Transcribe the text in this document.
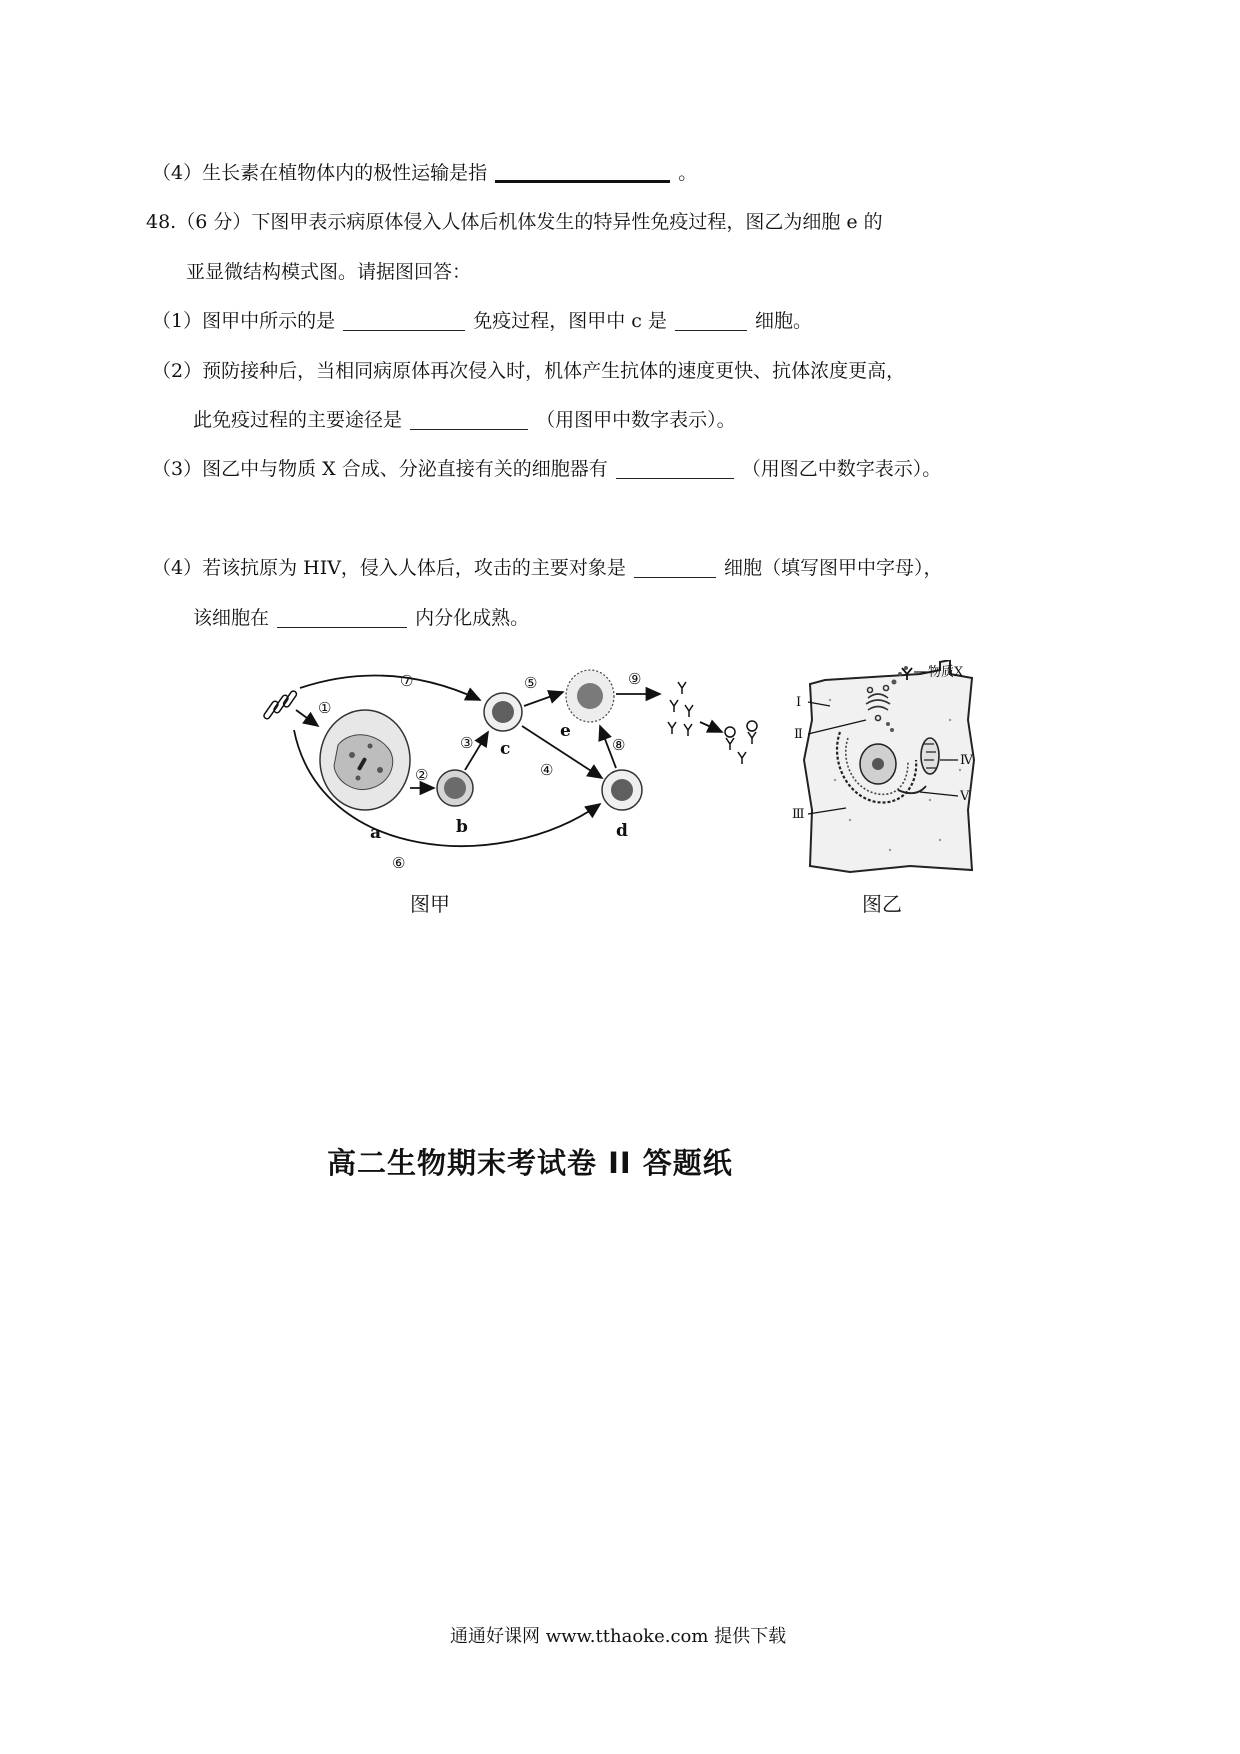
（4）生长素在植物体内的极性运输是指	。
48.（6 分）下图甲表示病原体侵入人体后机体发生的特异性免疫过程，图乙为细胞 e 的
亚显微结构模式图。请据图回答：
（1）图甲中所示的是	免疫过程，图甲中 c 是	细胞。
（2）预防接种后，当相同病原体再次侵入时，机体产生抗体的速度更快、抗体浓度更高，
此免疫过程的主要途径是	（用图甲中数字表示）。
（3）图乙中与物质 X 合成、分泌直接有关的细胞器有	（用图乙中数字表示）。
（4）若该抗原为 HIV，侵入人体后，攻击的主要对象是	细胞（填写图甲中字母），
该细胞在	内分化成熟。
①
②
③
④
⑤
⑥
⑦
⑧
⑨
a	b
c
d
e
图甲
物质X
Ⅰ
Ⅱ
Ⅲ
Ⅳ
Ⅴ
图乙
高二生物期末考试卷 II 答题纸
通通好课网 www.tthaoke.com 提供下载
